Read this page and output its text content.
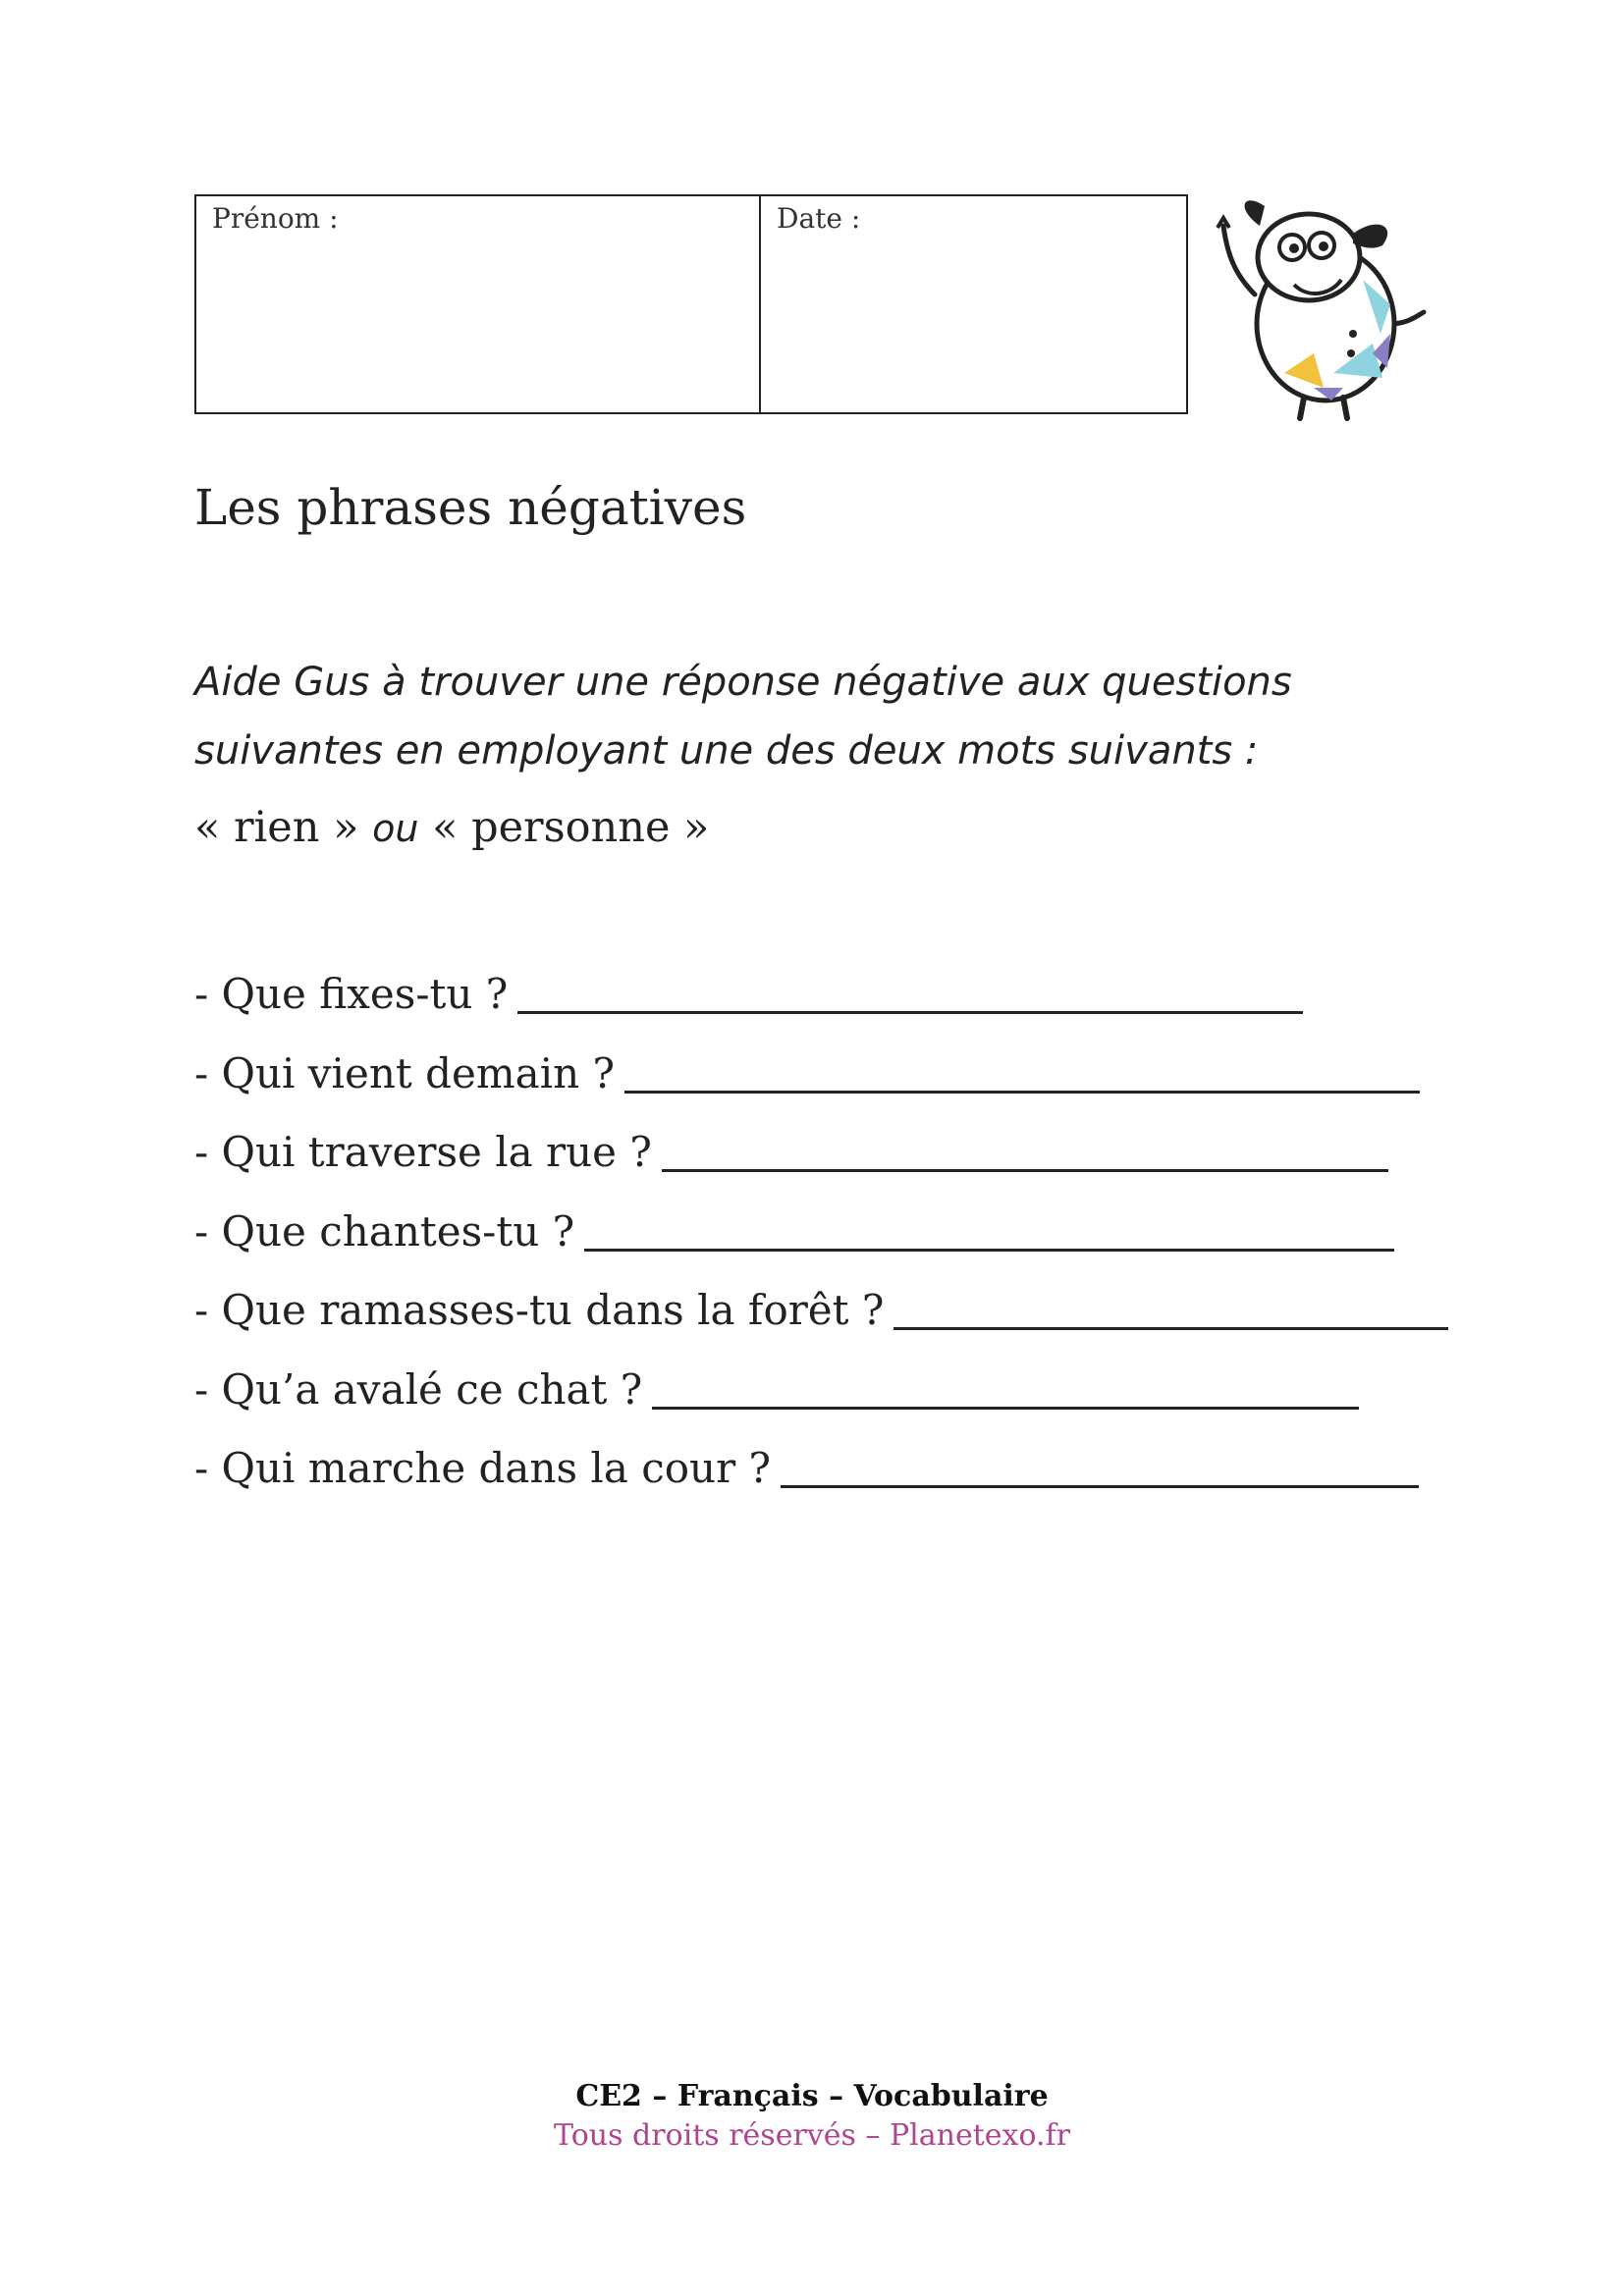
Prénom :	Date :
Les phrases négatives
Aide Gus à trouver une réponse négative aux questions
suivantes en employant une des deux mots suivants :
« rien » ou « personne »
- Que fixes-tu ?
- Qui vient demain ?
- Qui traverse la rue ?
- Que chantes-tu ?
- Que ramasses-tu dans la forêt ?
- Qu’a avalé ce chat ?
- Qui marche dans la cour ?
CE2 – Français – Vocabulaire
Tous droits réservés – Planetexo.fr
